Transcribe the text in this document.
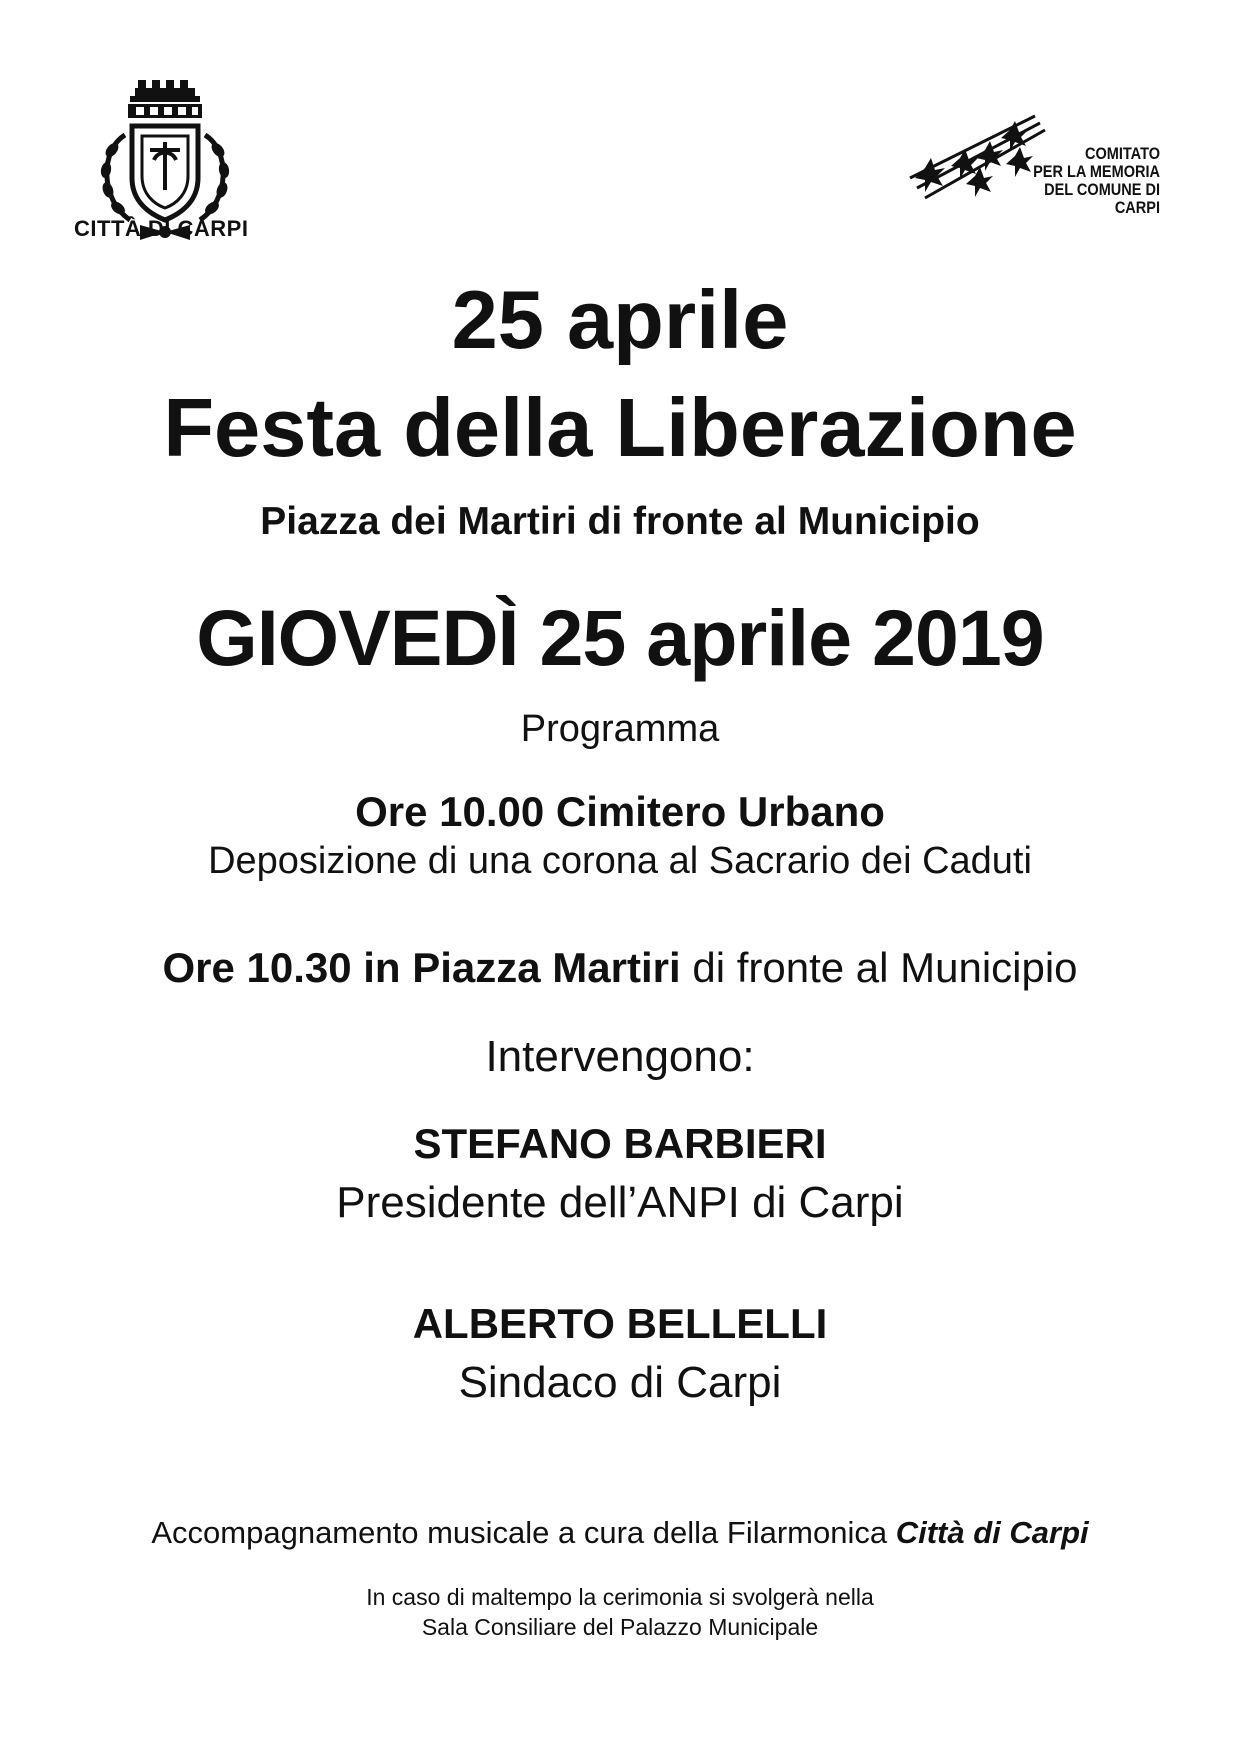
CITTÀ DI CARPI
COMITATO
PER LA MEMORIA
DEL COMUNE DI CARPI
25 aprile
Festa della Liberazione
Piazza dei Martiri di fronte al Municipio
GIOVEDÌ 25 aprile 2019
Programma
Ore 10.00 Cimitero Urbano
Deposizione di una corona al Sacrario dei Caduti
Ore 10.30 in Piazza Martiri di fronte al Municipio
Intervengono:
STEFANO BARBIERI
Presidente dell’ANPI di Carpi
ALBERTO BELLELLI
Sindaco di Carpi
Accompagnamento musicale a cura della Filarmonica Città di Carpi
In caso di maltempo la cerimonia si svolgerà nella
Sala Consiliare del Palazzo Municipale
